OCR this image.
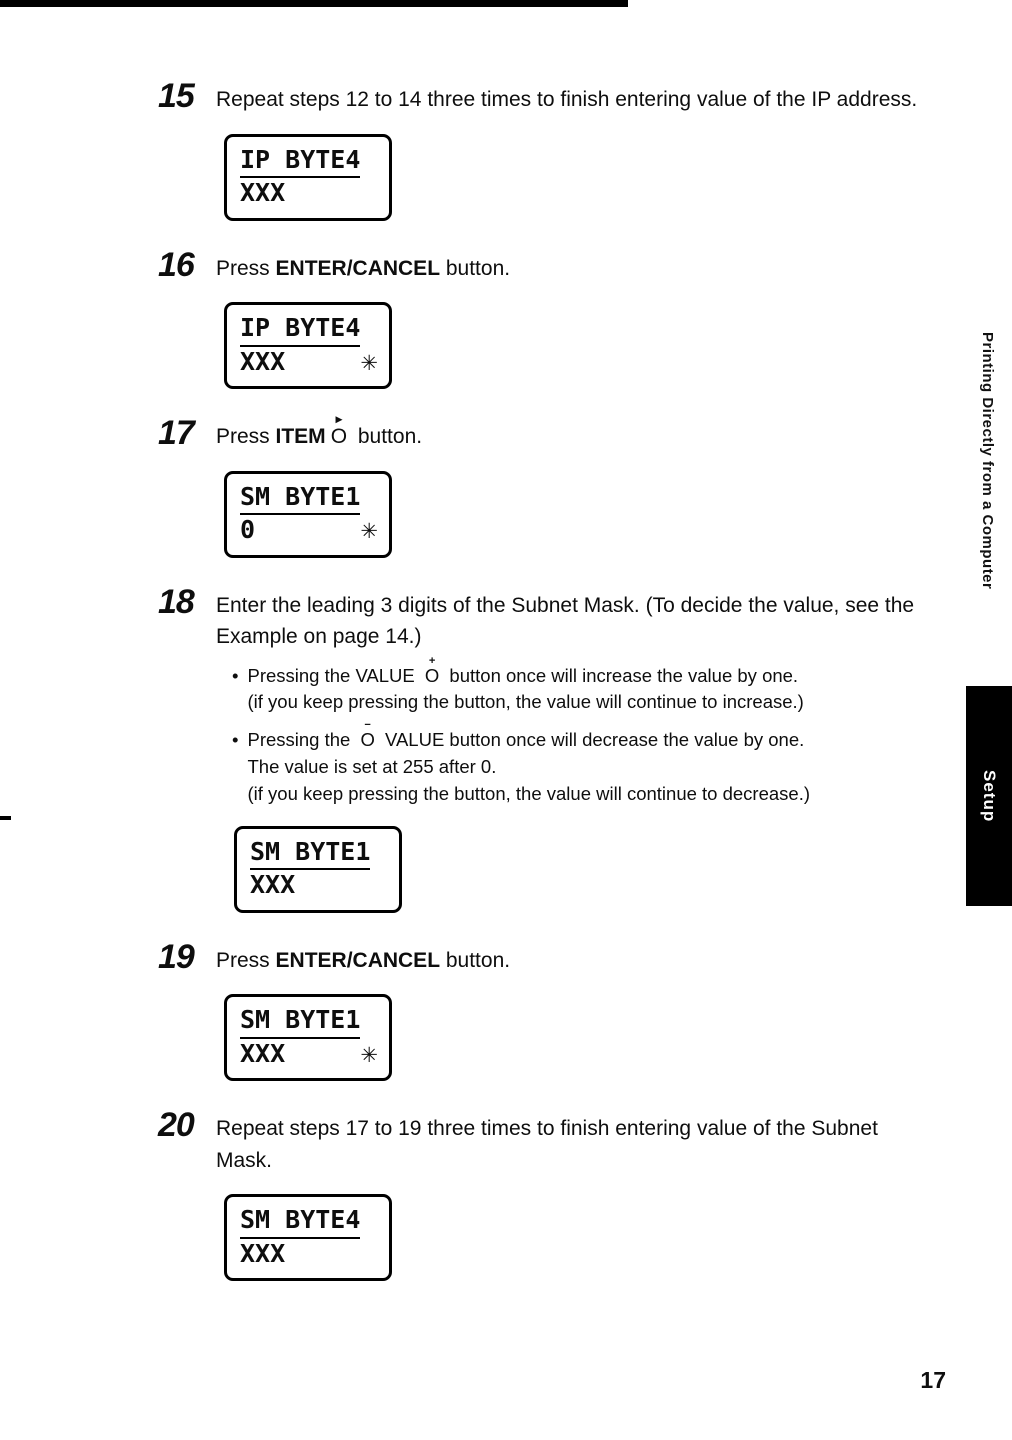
15	Repeat steps 12 to 14 three times to finish entering value of the IP address.

IP BYTE4
XXX
16	Press ENTER/CANCEL button.

IP BYTE4
XXX	✳
17	Press ITEM
▸
O button.

SM BYTE1
0	✳
18	Enter the leading 3 digits of the Subnet Mask. (To decide the value, see the Example on page 14.)

• Pressing the VALUE
+
O button once will increase the value by one.
(if you keep pressing the button, the value will continue to increase.)
• Pressing the
−
O VALUE button once will decrease the value by one.
The value is set at 255 after 0.
(if you keep pressing the button, the value will continue to decrease.)
SM BYTE1
XXX
19	Press ENTER/CANCEL button.

SM BYTE1
XXX	✳
20	Repeat steps 17 to 19 three times to finish entering value of the Subnet Mask.

SM BYTE4
XXX
Printing Directly from a Computer
Setup
17
